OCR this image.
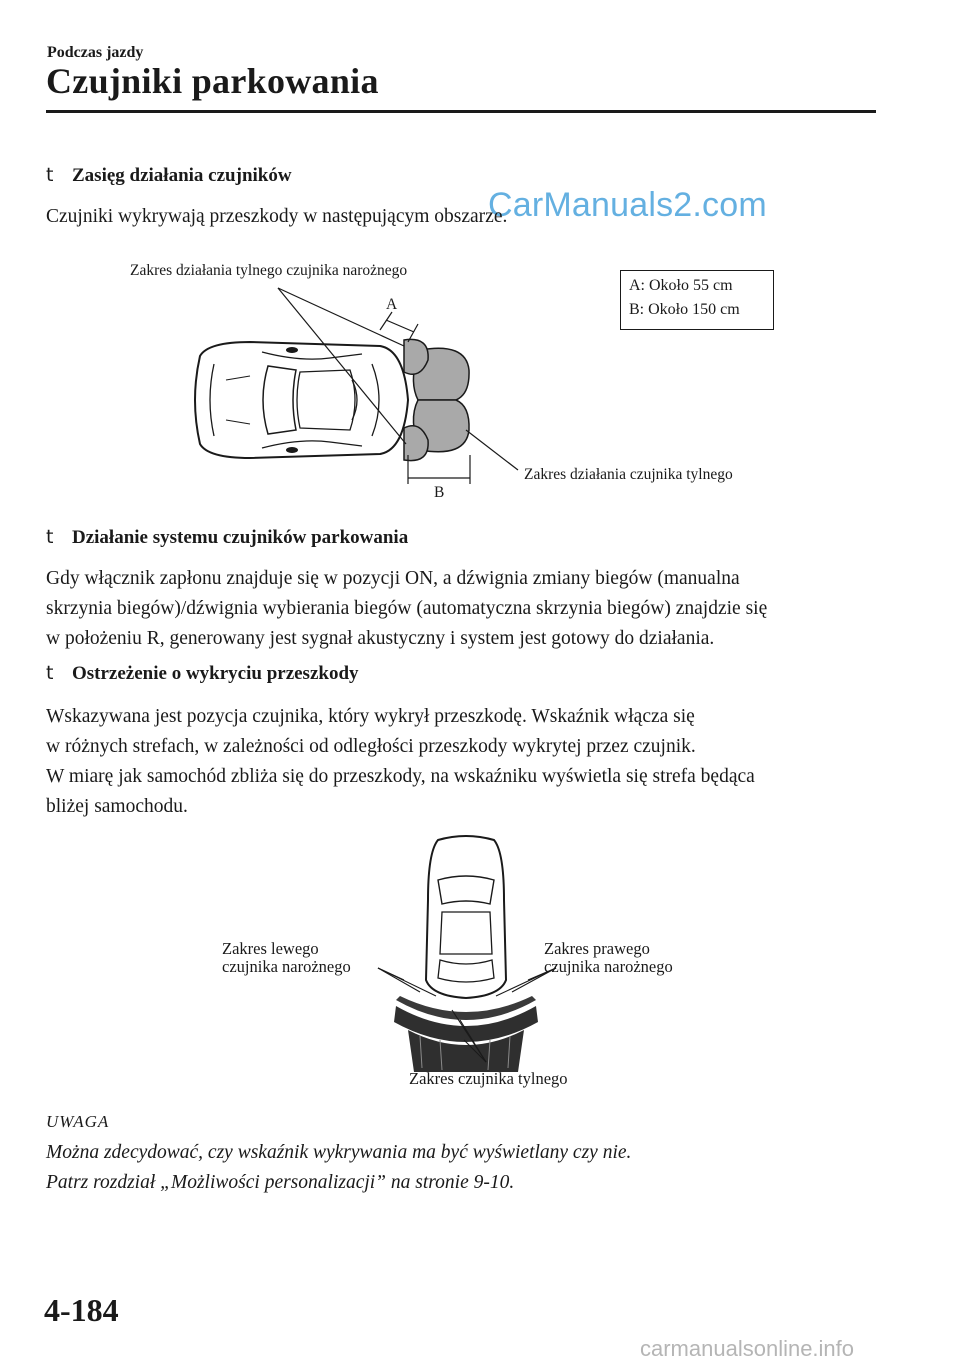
Podczas jazdy
Czujniki parkowania
CarManuals2.com
t Zasięg działania czujników

Czujniki wykrywają przeszkody w następującym obszarze.

Zakres działania tylnego czujnika narożnego
A
B
Zakres działania czujnika tylnego
A: Około 55 cm
B: Około 150 cm
t Działanie systemu czujników parkowania

Gdy włącznik zapłonu znajduje się w pozycji ON, a dźwignia zmiany biegów (manualna

skrzynia biegów)/dźwignia wybierania biegów (automatyczna skrzynia biegów) znajdzie się

w położeniu R, generowany jest sygnał akustyczny i system jest gotowy do działania.

t Ostrzeżenie o wykryciu przeszkody

Wskazywana jest pozycja czujnika, który wykrył przeszkodę. Wskaźnik włącza się

w różnych strefach, w zależności od odległości przeszkody wykrytej przez czujnik.

W miarę jak samochód zbliża się do przeszkody, na wskaźniku wyświetla się strefa będąca

bliżej samochodu.

Zakres lewego
czujnika narożnego
Zakres prawego
czujnika narożnego
Zakres czujnika tylnego
UWAGA

Można zdecydować, czy wskaźnik wykrywania ma być wyświetlany czy nie.

Patrz rozdział „Możliwości personalizacji” na stronie 9-10.

4-184
carmanualsonline.info
